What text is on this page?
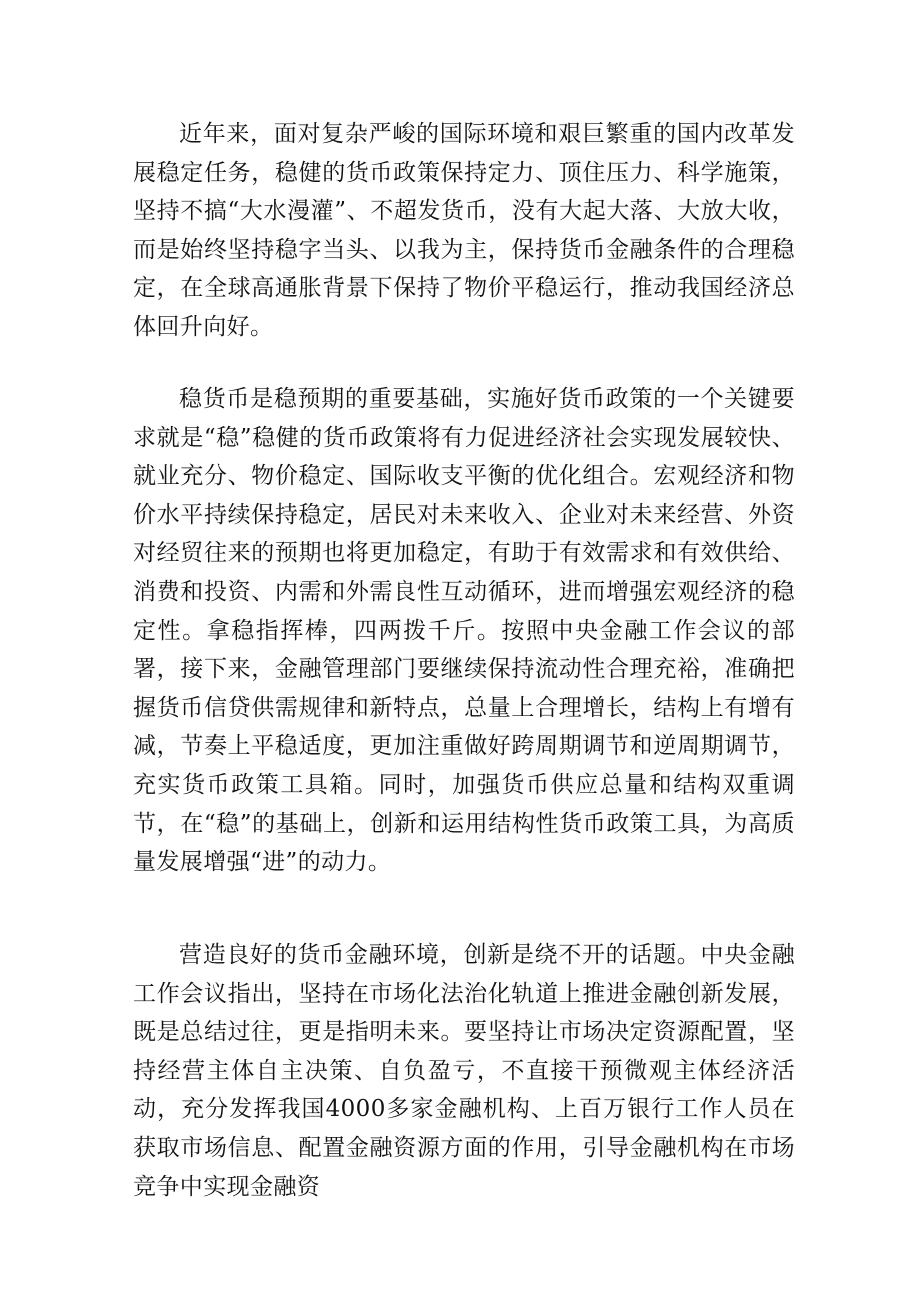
近年来，面对复杂严峻的国际环境和艰巨繁重的国内改革发展稳定任务，稳健的货币政策保持定力、顶住压力、科学施策，坚持不搞“大水漫灌”、不超发货币，没有大起大落、大放大收，而是始终坚持稳字当头、以我为主，保持货币金融条件的合理稳定，在全球高通胀背景下保持了物价平稳运行，推动我国经济总体回升向好。

稳货币是稳预期的重要基础，实施好货币政策的一个关键要求就是“稳”稳健的货币政策将有力促进经济社会实现发展较快、就业充分、物价稳定、国际收支平衡的优化组合。宏观经济和物价水平持续保持稳定，居民对未来收入、企业对未来经营、外资对经贸往来的预期也将更加稳定，有助于有效需求和有效供给、消费和投资、内需和外需良性互动循环，进而增强宏观经济的稳定性。拿稳指挥棒，四两拨千斤。按照中央金融工作会议的部署，接下来，金融管理部门要继续保持流动性合理充裕，准确把握货币信贷供需规律和新特点，总量上合理增长，结构上有增有减，节奏上平稳适度，更加注重做好跨周期调节和逆周期调节，充实货币政策工具箱。同时，加强货币供应总量和结构双重调节，在“稳”的基础上，创新和运用结构性货币政策工具，为高质量发展增强“进”的动力。

营造良好的货币金融环境，创新是绕不开的话题。中央金融工作会议指出，坚持在市场化法治化轨道上推进金融创新发展，既是总结过往，更是指明未来。要坚持让市场决定资源配置，坚持经营主体自主决策、自负盈亏，不直接干预微观主体经济活动，充分发挥我国4000多家金融机构、上百万银行工作人员在获取市场信息、配置金融资源方面的作用，引导金融机构在市场竞争中实现金融资
